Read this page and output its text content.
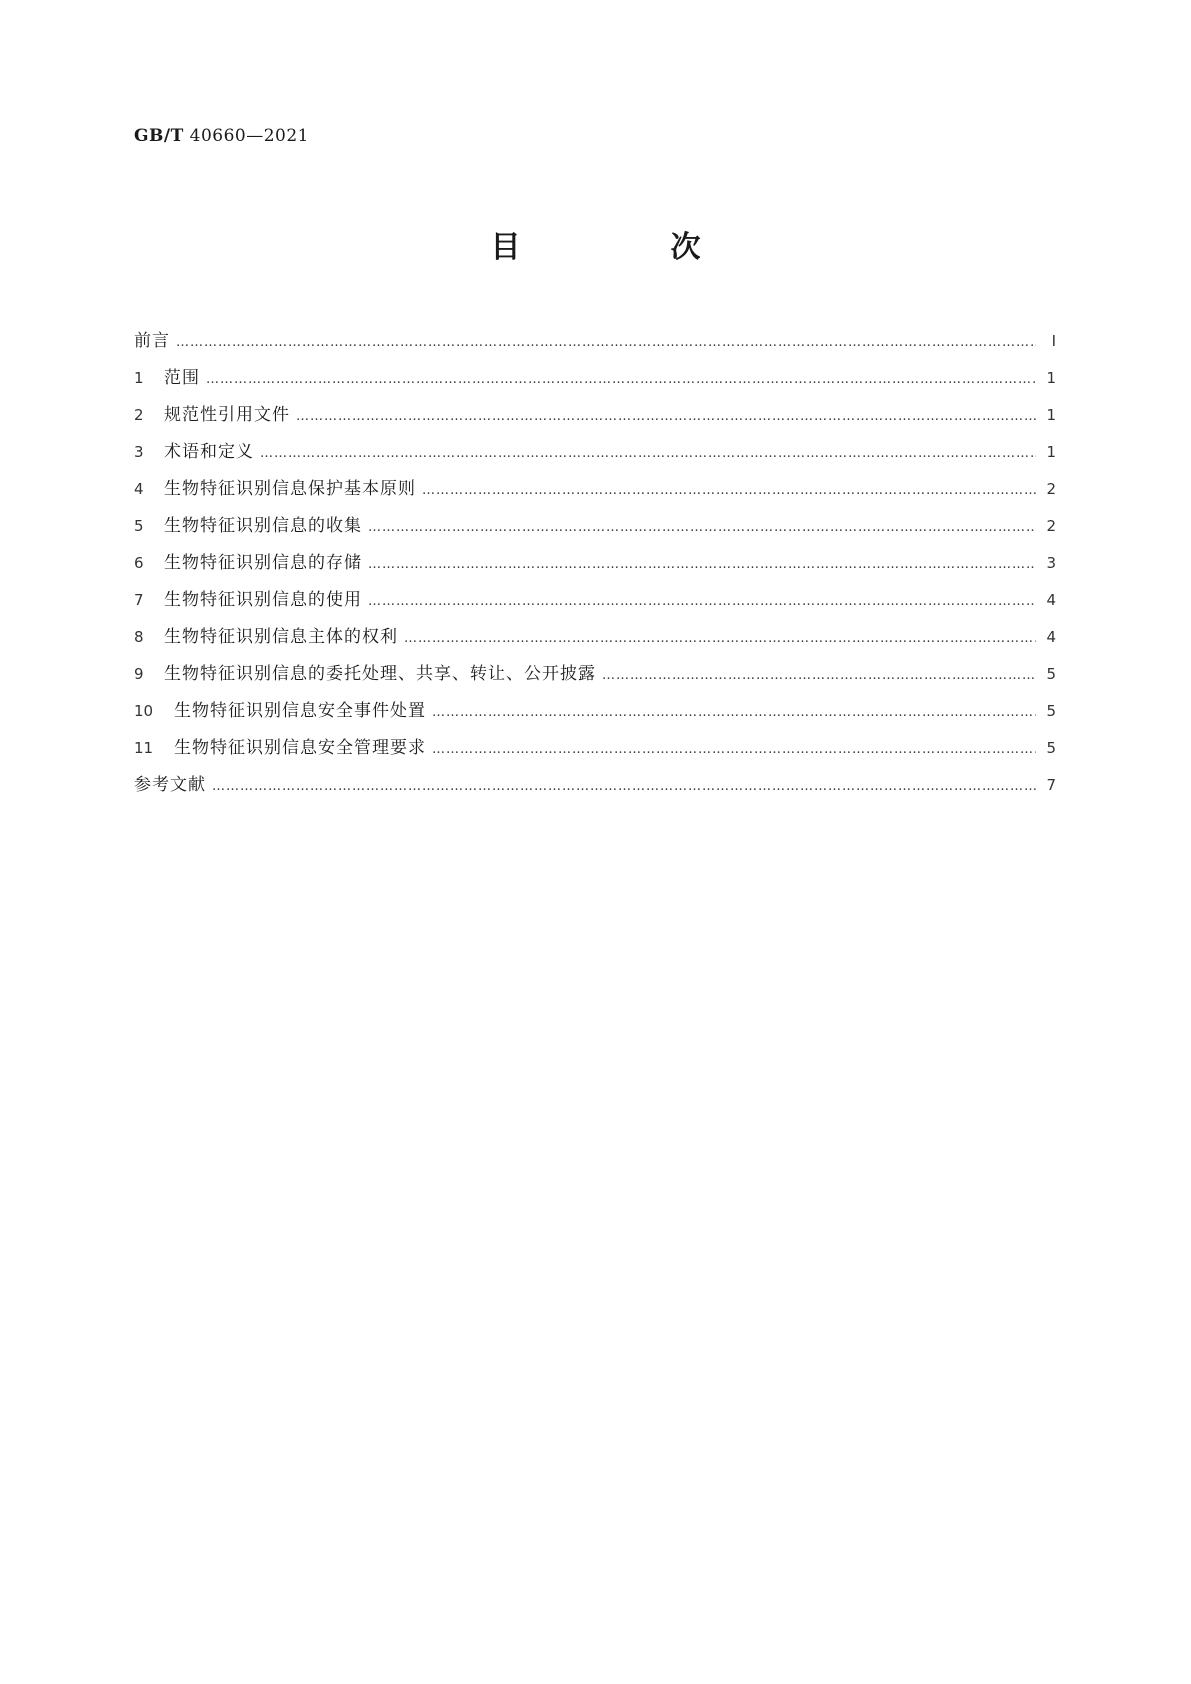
GB/T 40660—2021
目　次
前言 ……………………………………………………………………………………………………………………………………………………………………………………………………………	Ⅰ
1	范围 ……………………………………………………………………………………………………………………………………………………………………………………………………………	1
2	规范性引用文件 ……………………………………………………………………………………………………………………………………………………………………………………………………………	1
3	术语和定义 ……………………………………………………………………………………………………………………………………………………………………………………………………………	1
4	生物特征识别信息保护基本原则 ……………………………………………………………………………………………………………………………………………………………………………………………………………	2
5	生物特征识别信息的收集 ……………………………………………………………………………………………………………………………………………………………………………………………………………	2
6	生物特征识别信息的存储 ……………………………………………………………………………………………………………………………………………………………………………………………………………	3
7	生物特征识别信息的使用 ……………………………………………………………………………………………………………………………………………………………………………………………………………	4
8	生物特征识别信息主体的权利 ……………………………………………………………………………………………………………………………………………………………………………………………………………	4
9	生物特征识别信息的委托处理、共享、转让、公开披露 ……………………………………………………………………………………………………………………………………………………………………………………………………………	5
10	生物特征识别信息安全事件处置 ……………………………………………………………………………………………………………………………………………………………………………………………………………	5
11	生物特征识别信息安全管理要求 ……………………………………………………………………………………………………………………………………………………………………………………………………………	5
参考文献 ……………………………………………………………………………………………………………………………………………………………………………………………………………	7
